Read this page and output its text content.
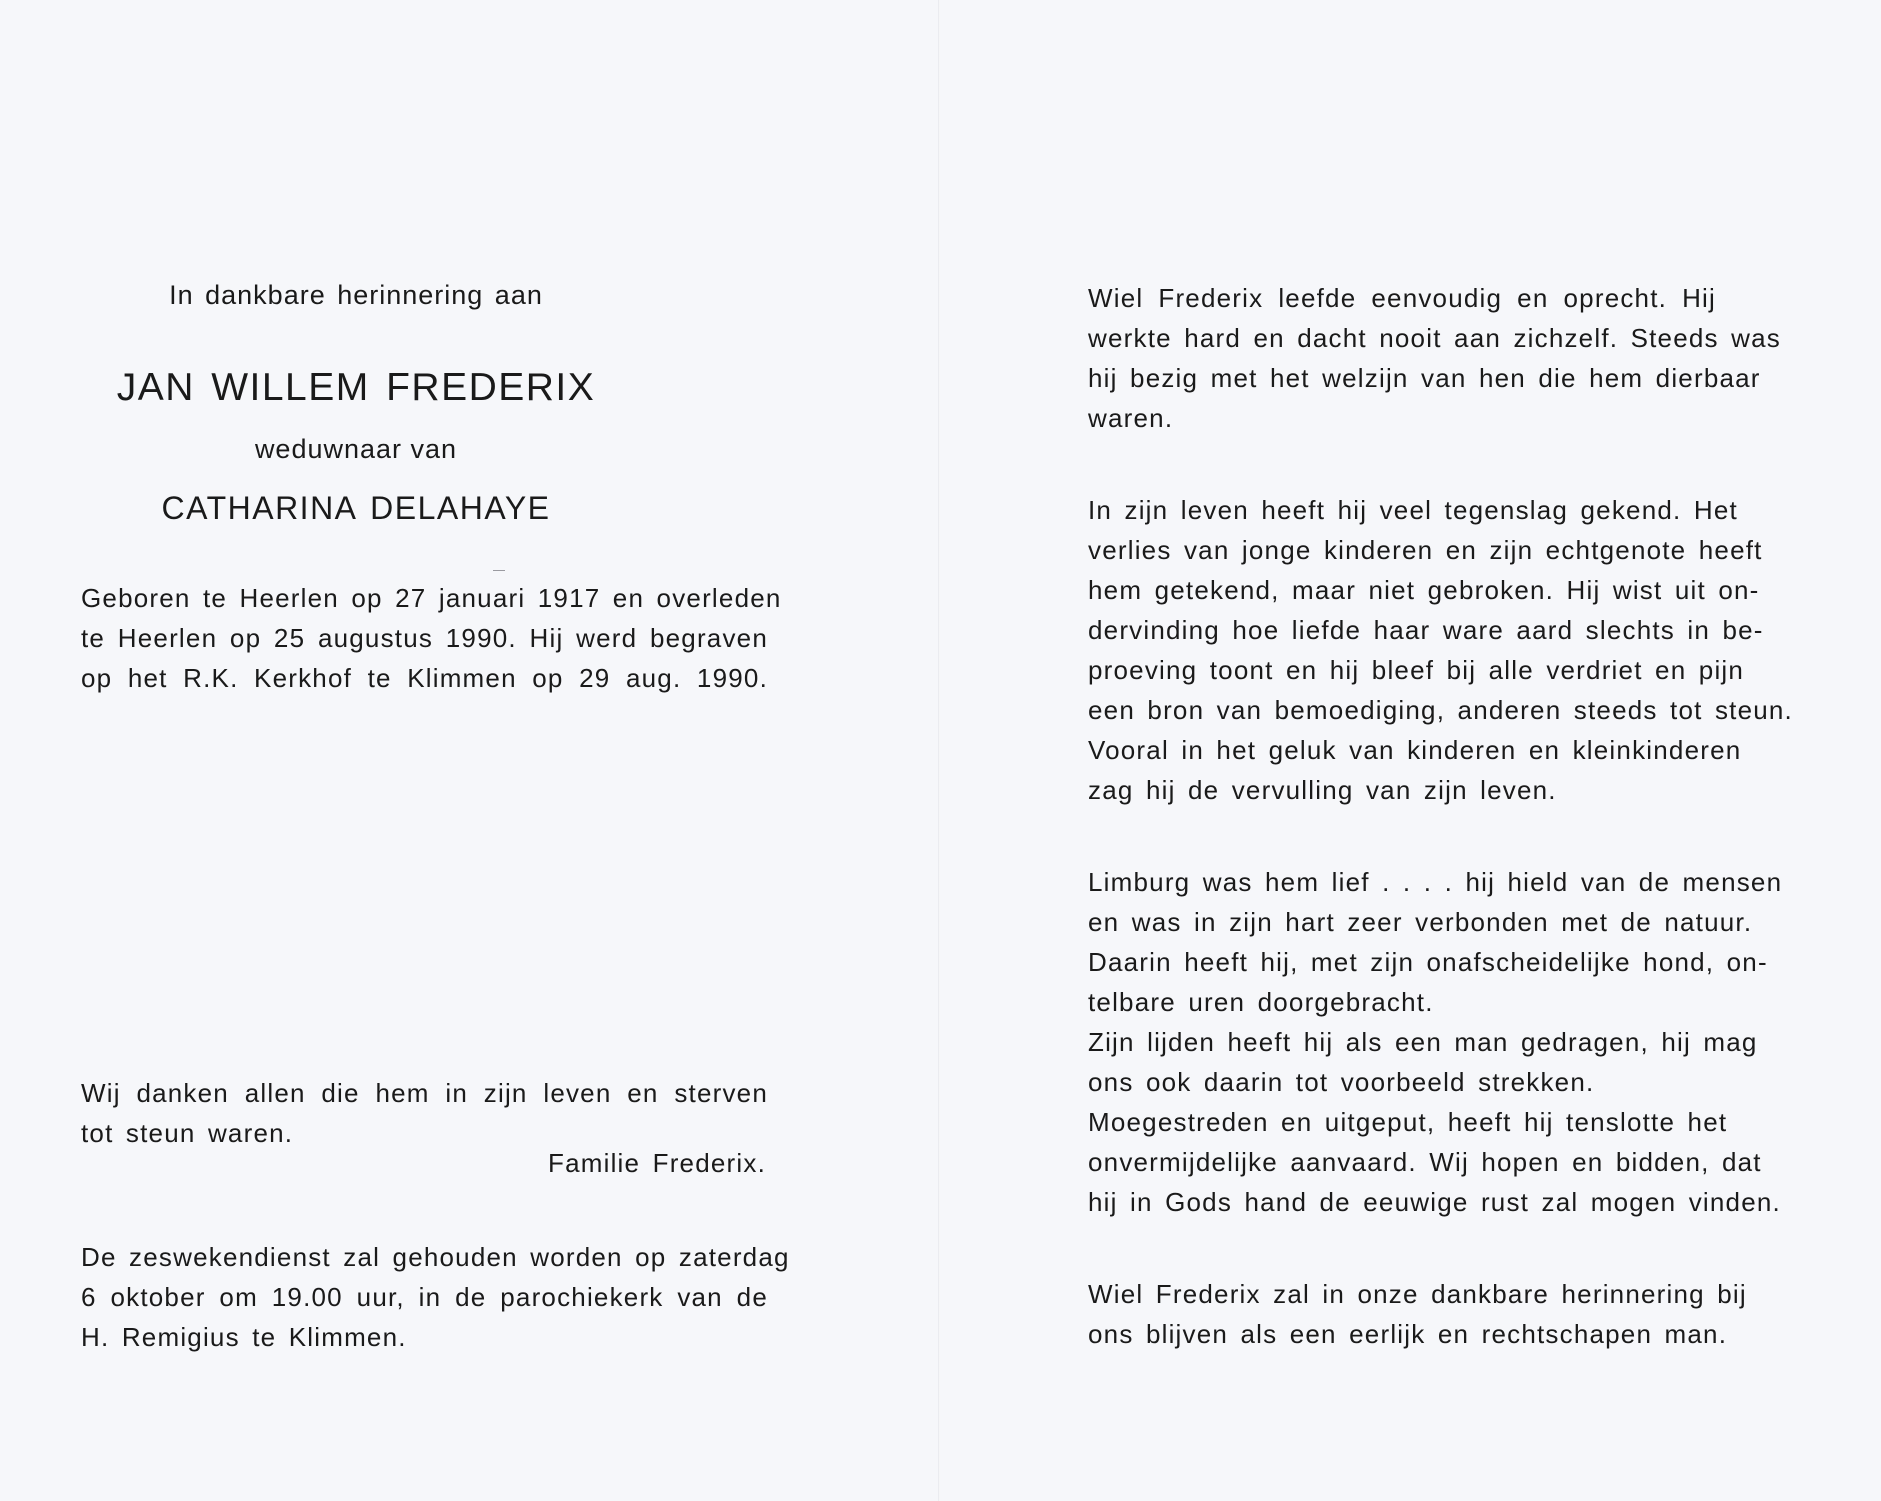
In dankbare herinnering aan
JAN WILLEM FREDERIX
weduwnaar van
CATHARINA DELAHAYE
Geboren te Heerlen op 27 januari 1917 en overleden
te Heerlen op 25 augustus 1990. Hij werd begraven
op het R.K. Kerkhof te Klimmen op 29 aug. 1990.
Wij danken allen die hem in zijn leven en sterven
tot steun waren.
Familie Frederix.
De zeswekendienst zal gehouden worden op zaterdag
6 oktober om 19.00 uur, in de parochiekerk van de
H. Remigius te Klimmen.
Wiel Frederix leefde eenvoudig en oprecht. Hij
werkte hard en dacht nooit aan zichzelf. Steeds was
hij bezig met het welzijn van hen die hem dierbaar
waren.
In zijn leven heeft hij veel tegenslag gekend. Het
verlies van jonge kinderen en zijn echtgenote heeft
hem getekend, maar niet gebroken. Hij wist uit on-
dervinding hoe liefde haar ware aard slechts in be-
proeving toont en hij bleef bij alle verdriet en pijn
een bron van bemoediging, anderen steeds tot steun.
Vooral in het geluk van kinderen en kleinkinderen
zag hij de vervulling van zijn leven.
Limburg was hem lief . . . . hij hield van de mensen
en was in zijn hart zeer verbonden met de natuur.
Daarin heeft hij, met zijn onafscheidelijke hond, on-
telbare uren doorgebracht.
Zijn lijden heeft hij als een man gedragen, hij mag
ons ook daarin tot voorbeeld strekken.
Moegestreden en uitgeput, heeft hij tenslotte het
onvermijdelijke aanvaard. Wij hopen en bidden, dat
hij in Gods hand de eeuwige rust zal mogen vinden.
Wiel Frederix zal in onze dankbare herinnering bij
ons blijven als een eerlijk en rechtschapen man.
